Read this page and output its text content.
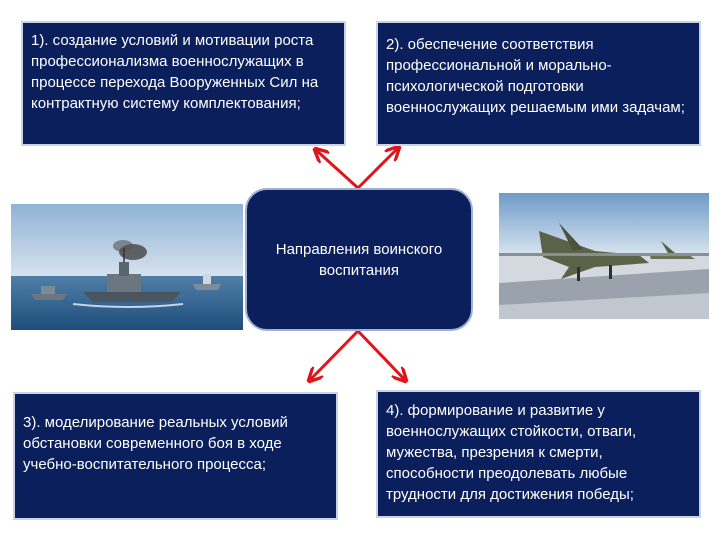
1). создание условий и мотивации роста профессионализма военнослужащих в процессе перехода Вооруженных Сил на контрактную систему комплектования;
2). обеспечение соответствия профессиональной и морально-психологической подготовки военнослужащих решаемым ими задачам;
3). моделирование реальных условий обстановки современного боя в ходе учебно-воспитательного процесса;
4). формирование и развитие у военнослужащих стойкости, отваги, мужества, презрения к смерти, способности преодолевать любые трудности для достижения победы;
Направления воинского воспитания
